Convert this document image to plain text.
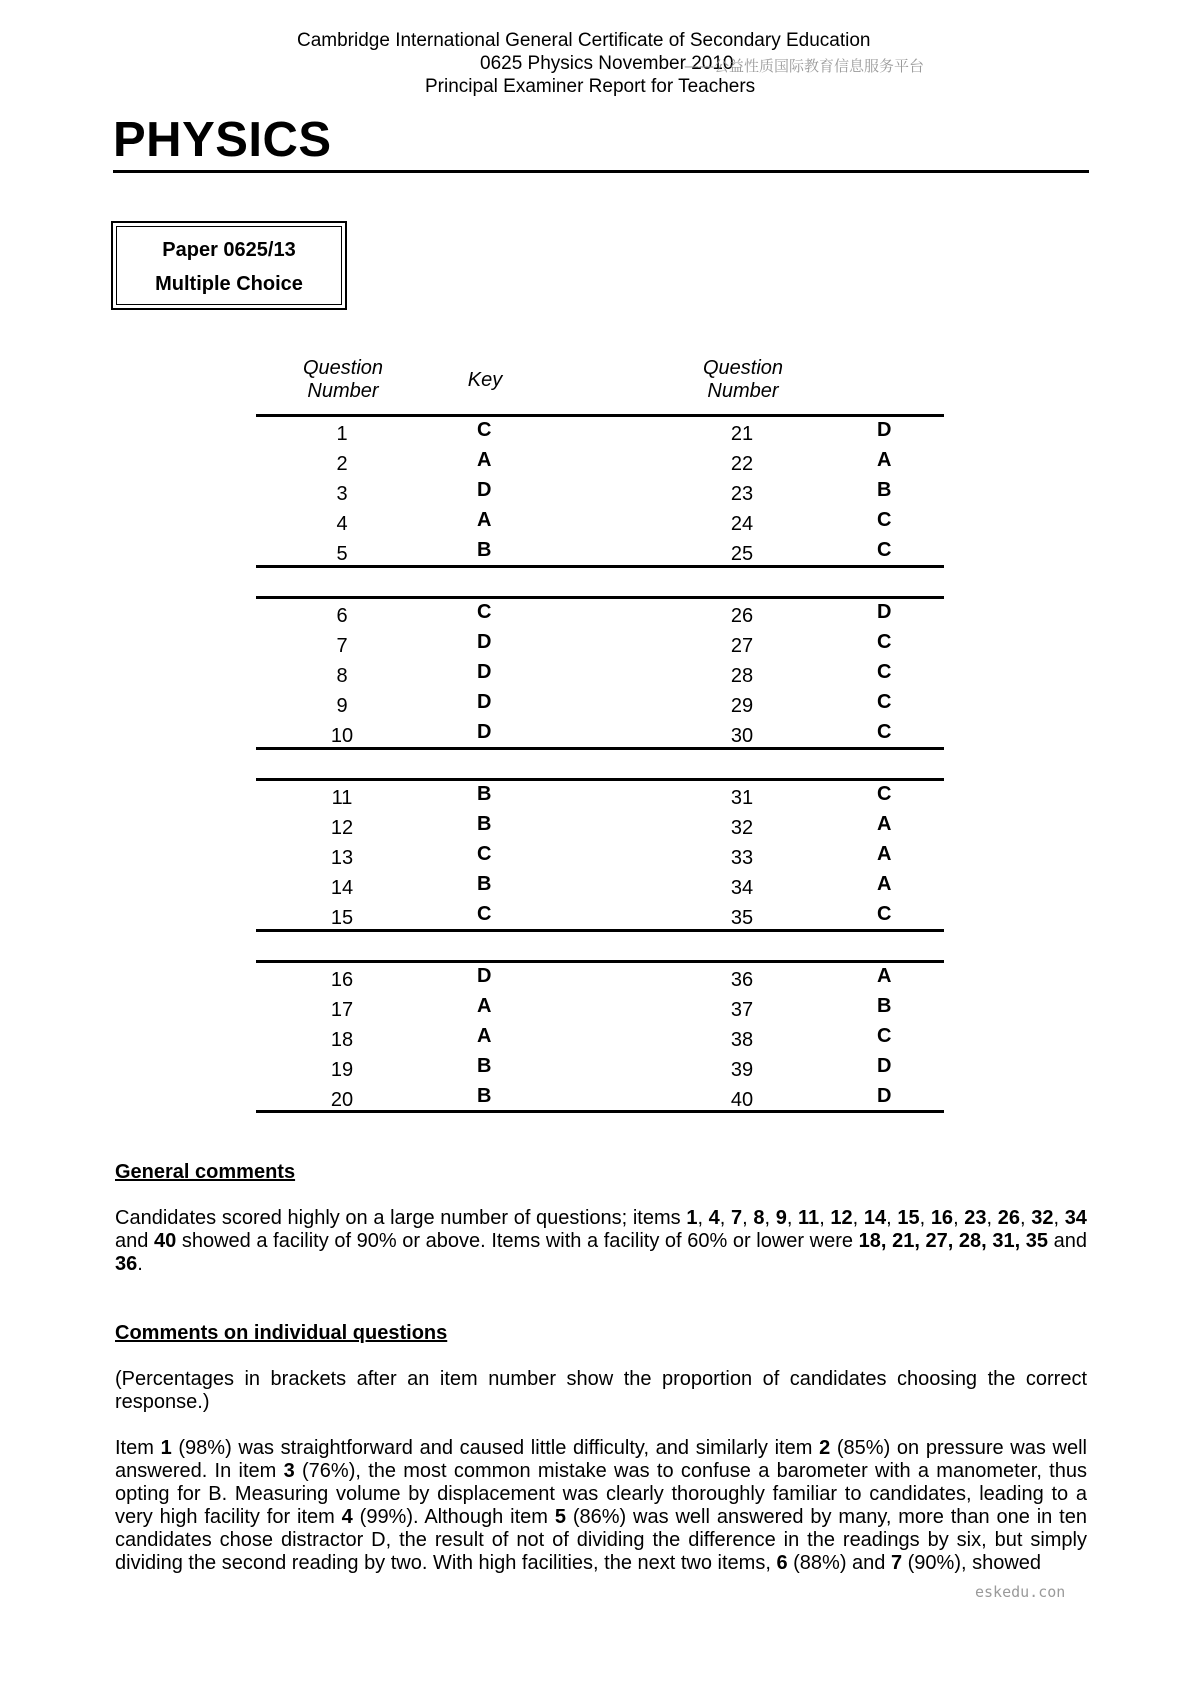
Cambridge International General Certificate of Secondary Education
0625 Physics November 2010
Principal Examiner Report for Teachers
——公益性质国际教育信息服务平台
PHYSICS
Paper 0625/13
Multiple Choice
Question
Number	Key
Question
Number
1	C	21	D
2	A	22	A
3	D	23	B
4	A	24	C
5	B	25	C
6	C	26	D
7	D	27	C
8	D	28	C
9	D	29	C
10	D	30	C
11	B	31	C
12	B	32	A
13	C	33	A
14	B	34	A
15	C	35	C
16	D	36	A
17	A	37	B
18	A	38	C
19	B	39	D
20	B	40	D
General comments
Candidates scored highly on a large number of questions; items 1, 4, 7, 8, 9, 11, 12, 14, 15, 16, 23, 26, 32, 34 and 40 showed a facility of 90% or above. Items with a facility of 60% or lower were 18, 21, 27, 28, 31, 35 and 36.
Comments on individual questions
(Percentages in brackets after an item number show the proportion of candidates choosing the correct response.)
Item 1 (98%) was straightforward and caused little difficulty, and similarly item 2 (85%) on pressure was well answered. In item 3 (76%), the most common mistake was to confuse a barometer with a manometer, thus opting for B. Measuring volume by displacement was clearly thoroughly familiar to candidates, leading to a very high facility for item 4 (99%). Although item 5 (86%) was well answered by many, more than one in ten candidates chose distractor D, the result of not of dividing the difference in the readings by six, but simply dividing the second reading by two. With high facilities, the next two items, 6 (88%) and 7 (90%), showed
eskedu.con
